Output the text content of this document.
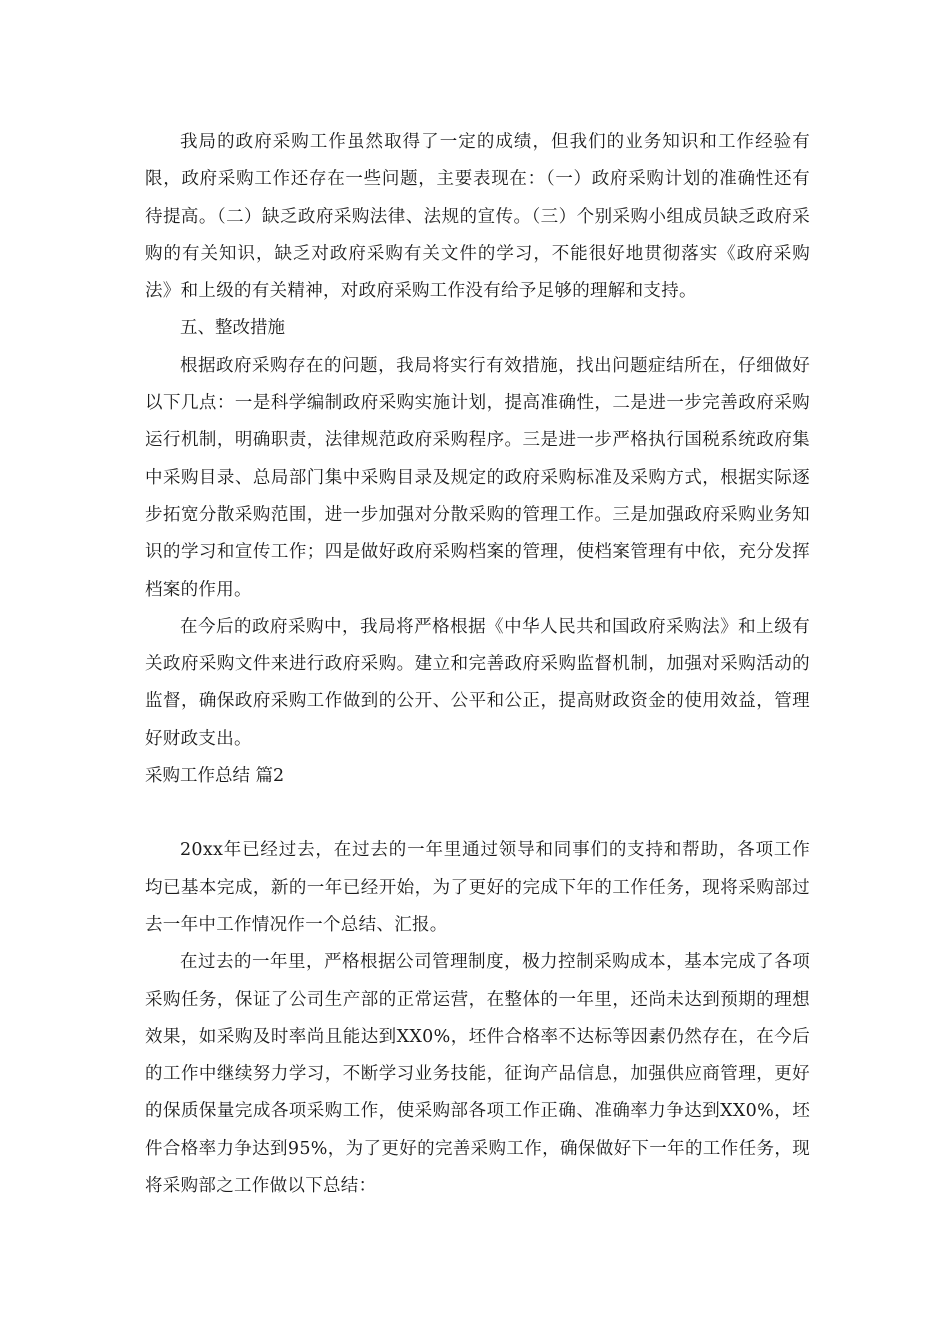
我局的政府采购工作虽然取得了一定的成绩，但我们的业务知识和工作经验有限，政府采购工作还存在一些问题，主要表现在：（一）政府采购计划的准确性还有待提高。（二）缺乏政府采购法律、法规的宣传。（三）个别采购小组成员缺乏政府采购的有关知识，缺乏对政府采购有关文件的学习，不能很好地贯彻落实《政府采购法》和上级的有关精神，对政府采购工作没有给予足够的理解和支持。

五、整改措施

根据政府采购存在的问题，我局将实行有效措施，找出问题症结所在，仔细做好以下几点：一是科学编制政府采购实施计划，提高准确性，二是进一步完善政府采购运行机制，明确职责，法律规范政府采购程序。三是进一步严格执行国税系统政府集中采购目录、总局部门集中采购目录及规定的政府采购标准及采购方式，根据实际逐步拓宽分散采购范围，进一步加强对分散采购的管理工作。三是加强政府采购业务知识的学习和宣传工作；四是做好政府采购档案的管理，使档案管理有中依，充分发挥档案的作用。

在今后的政府采购中，我局将严格根据《中华人民共和国政府采购法》和上级有关政府采购文件来进行政府采购。建立和完善政府采购监督机制，加强对采购活动的监督，确保政府采购工作做到的公开、公平和公正，提高财政资金的使用效益，管理好财政支出。

采购工作总结 篇2

20xx年已经过去，在过去的一年里通过领导和同事们的支持和帮助，各项工作均已基本完成，新的一年已经开始，为了更好的完成下年的工作任务，现将采购部过去一年中工作情况作一个总结、汇报。

在过去的一年里，严格根据公司管理制度，极力控制采购成本，基本完成了各项采购任务，保证了公司生产部的正常运营，在整体的一年里，还尚未达到预期的理想效果，如采购及时率尚且能达到XX0%，坯件合格率不达标等因素仍然存在，在今后的工作中继续努力学习，不断学习业务技能，征询产品信息，加强供应商管理，更好的保质保量完成各项采购工作，使采购部各项工作正确、准确率力争达到XX0%，坯件合格率力争达到95%，为了更好的完善采购工作，确保做好下一年的工作任务，现将采购部之工作做以下总结：
